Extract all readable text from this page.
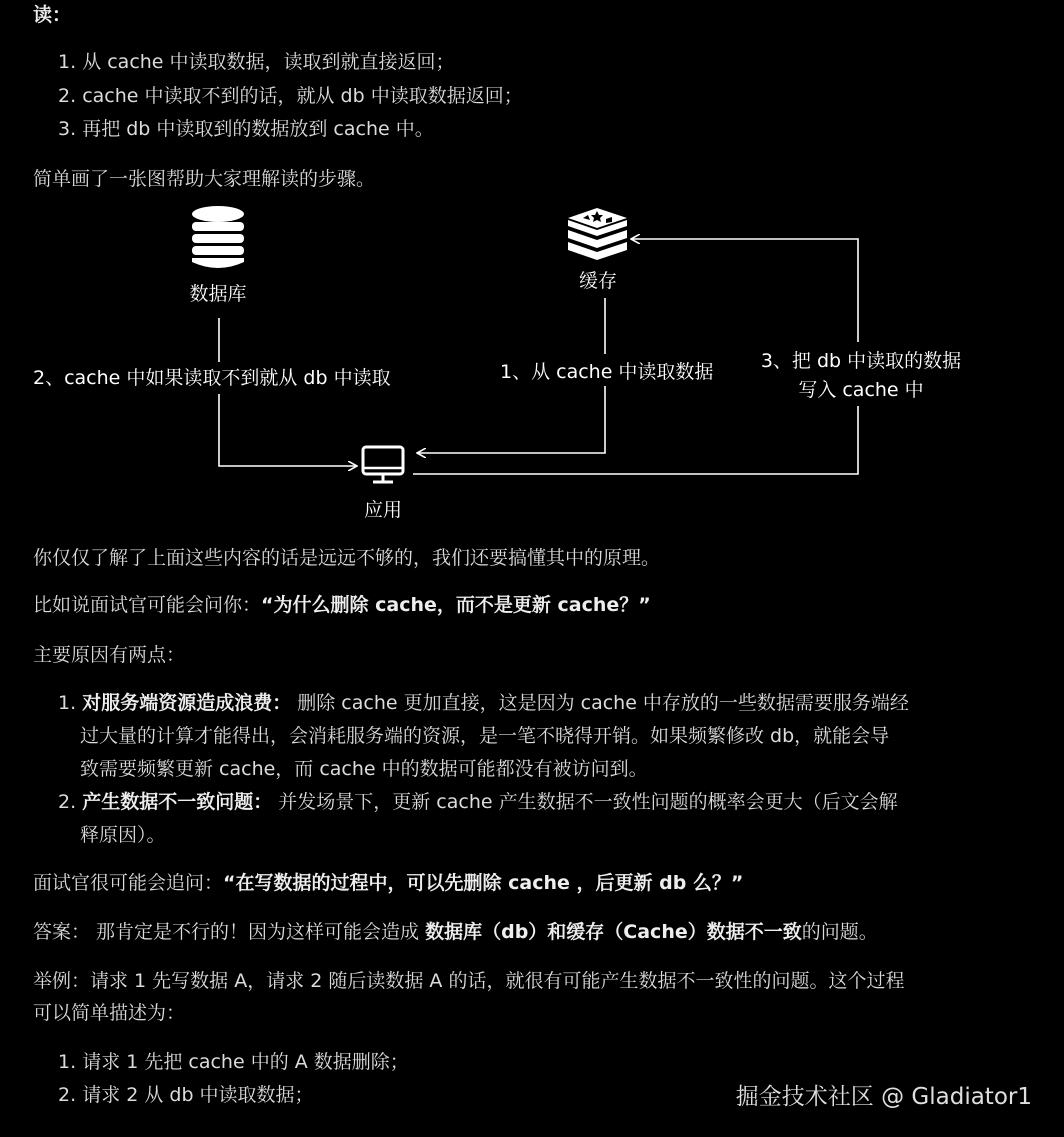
读：
1. 从 cache 中读取数据，读取到就直接返回；
2. cache 中读取不到的话，就从 db 中读取数据返回；
3. 再把 db 中读取到的数据放到 cache 中。
简单画了一张图帮助大家理解读的步骤。
数据库
缓存
应用
2、cache 中如果读取不到就从 db 中读取	1、从 cache 中读取数据 3、把 db 中读取的数据
写入 cache 中
你仅仅了解了上面这些内容的话是远远不够的，我们还要搞懂其中的原理。
比如说面试官可能会问你：“为什么删除 cache，而不是更新 cache？”
主要原因有两点：
1. 对服务端资源造成浪费： 删除 cache 更加直接，这是因为 cache 中存放的一些数据需要服务端经
过大量的计算才能得出，会消耗服务端的资源，是一笔不晓得开销。如果频繁修改 db，就能会导
致需要频繁更新 cache，而 cache 中的数据可能都没有被访问到。
2. 产生数据不一致问题： 并发场景下，更新 cache 产生数据不一致性问题的概率会更大（后文会解
释原因）。
面试官很可能会追问：“在写数据的过程中，可以先删除 cache ，后更新 db 么？”
答案： 那肯定是不行的！因为这样可能会造成 数据库（db）和缓存（Cache）数据不一致的问题。
举例：请求 1 先写数据 A，请求 2 随后读数据 A 的话，就很有可能产生数据不一致性的问题。这个过程
可以简单描述为：
1. 请求 1 先把 cache 中的 A 数据删除；
2. 请求 2 从 db 中读取数据；	掘金技术社区 @ Gladiator1
